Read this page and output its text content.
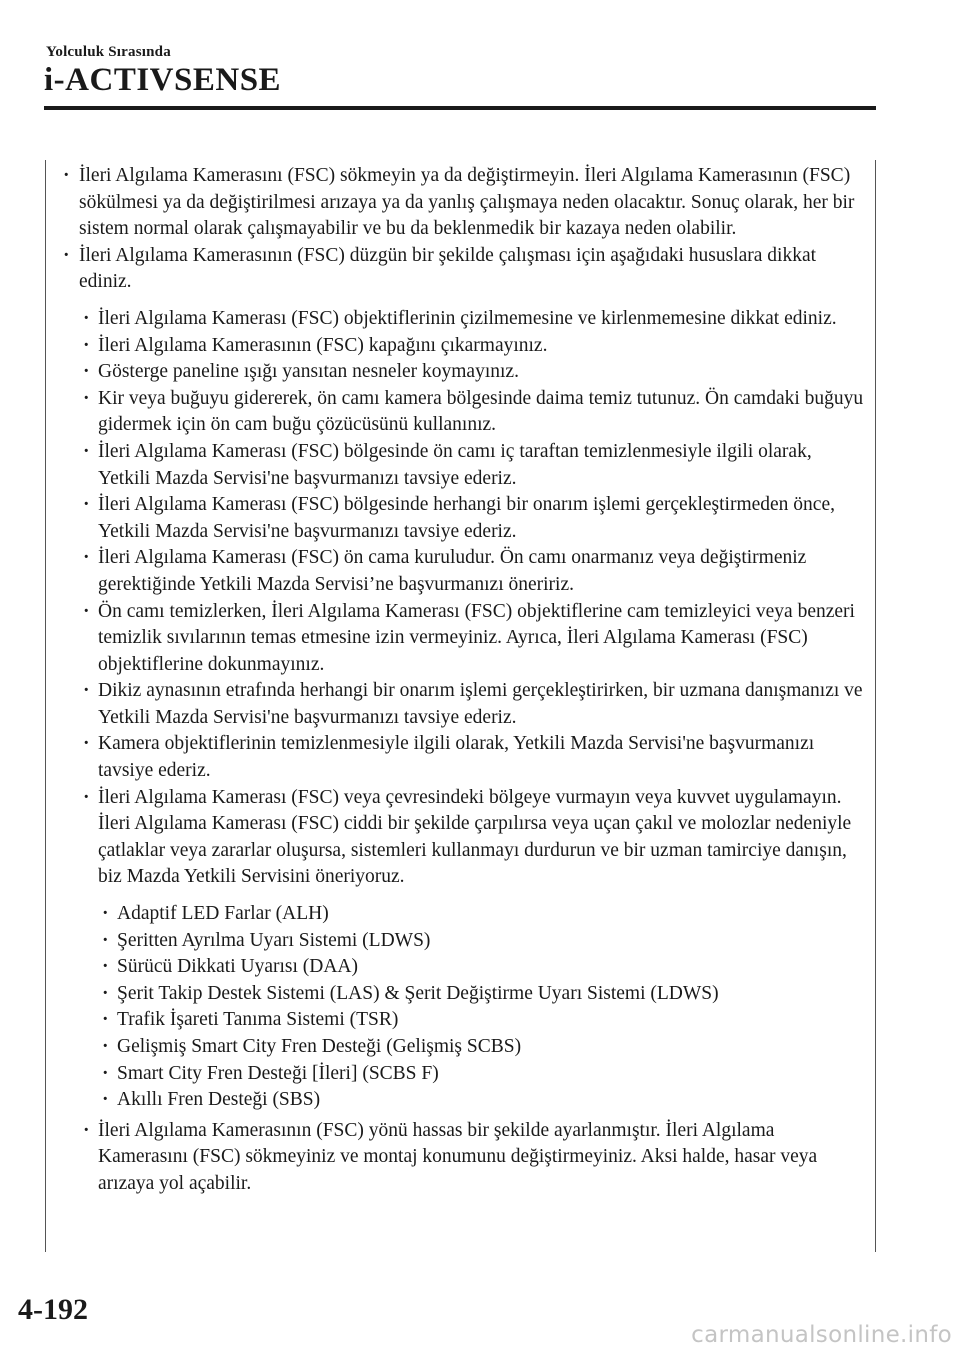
Yolculuk Sırasında
i-ACTIVSENSE
· İleri Algılama Kamerasını (FSC) sökmeyin ya da değiştirmeyin. İleri Algılama Kamerasının (FSC) sökülmesi ya da değiştirilmesi arızaya ya da yanlış çalışmaya neden olacaktır. Sonuç olarak, her bir sistem normal olarak çalışmayabilir ve bu da beklenmedik bir kazaya neden olabilir.
· İleri Algılama Kamerasının (FSC) düzgün bir şekilde çalışması için aşağıdaki hususlara dikkat ediniz.
· İleri Algılama Kamerası (FSC) objektiflerinin çizilmemesine ve kirlenmemesine dikkat ediniz.
· İleri Algılama Kamerasının (FSC) kapağını çıkarmayınız.
· Gösterge paneline ışığı yansıtan nesneler koymayınız.
· Kir veya buğuyu gidererek, ön camı kamera bölgesinde daima temiz tutunuz. Ön camdaki buğuyu gidermek için ön cam buğu çözücüsünü kullanınız.
· İleri Algılama Kamerası (FSC) bölgesinde ön camı iç taraftan temizlenmesiyle ilgili olarak, Yetkili Mazda Servisi'ne başvurmanızı tavsiye ederiz.
· İleri Algılama Kamerası (FSC) bölgesinde herhangi bir onarım işlemi gerçekleştirmeden önce, Yetkili Mazda Servisi'ne başvurmanızı tavsiye ederiz.
· İleri Algılama Kamerası (FSC) ön cama kuruludur. Ön camı onarmanız veya değiştirmeniz gerektiğinde Yetkili Mazda Servisi’ne başvurmanızı öneririz.
· Ön camı temizlerken, İleri Algılama Kamerası (FSC) objektiflerine cam temizleyici veya benzeri temizlik sıvılarının temas etmesine izin vermeyiniz. Ayrıca, İleri Algılama Kamerası (FSC) objektiflerine dokunmayınız.
· Dikiz aynasının etrafında herhangi bir onarım işlemi gerçekleştirirken, bir uzmana danışmanızı ve Yetkili Mazda Servisi'ne başvurmanızı tavsiye ederiz.
· Kamera objektiflerinin temizlenmesiyle ilgili olarak, Yetkili Mazda Servisi'ne başvurmanızı tavsiye ederiz.
· İleri Algılama Kamerası (FSC) veya çevresindeki bölgeye vurmayın veya kuvvet uygulamayın. İleri Algılama Kamerası (FSC) ciddi bir şekilde çarpılırsa veya uçan çakıl ve molozlar nedeniyle çatlaklar veya zararlar oluşursa, sistemleri kullanmayı durdurun ve bir uzman tamirciye danışın, biz Mazda Yetkili Servisini öneriyoruz.
· Adaptif LED Farlar (ALH)
· Şeritten Ayrılma Uyarı Sistemi (LDWS)
· Sürücü Dikkati Uyarısı (DAA)
· Şerit Takip Destek Sistemi (LAS) & Şerit Değiştirme Uyarı Sistemi (LDWS)
· Trafik İşareti Tanıma Sistemi (TSR)
· Gelişmiş Smart City Fren Desteği (Gelişmiş SCBS)
· Smart City Fren Desteği [İleri] (SCBS F)
· Akıllı Fren Desteği (SBS)
· İleri Algılama Kamerasının (FSC) yönü hassas bir şekilde ayarlanmıştır. İleri Algılama Kamerasını (FSC) sökmeyiniz ve montaj konumunu değiştirmeyiniz. Aksi halde, hasar veya arızaya yol açabilir.
4-192
carmanualsonline.info
